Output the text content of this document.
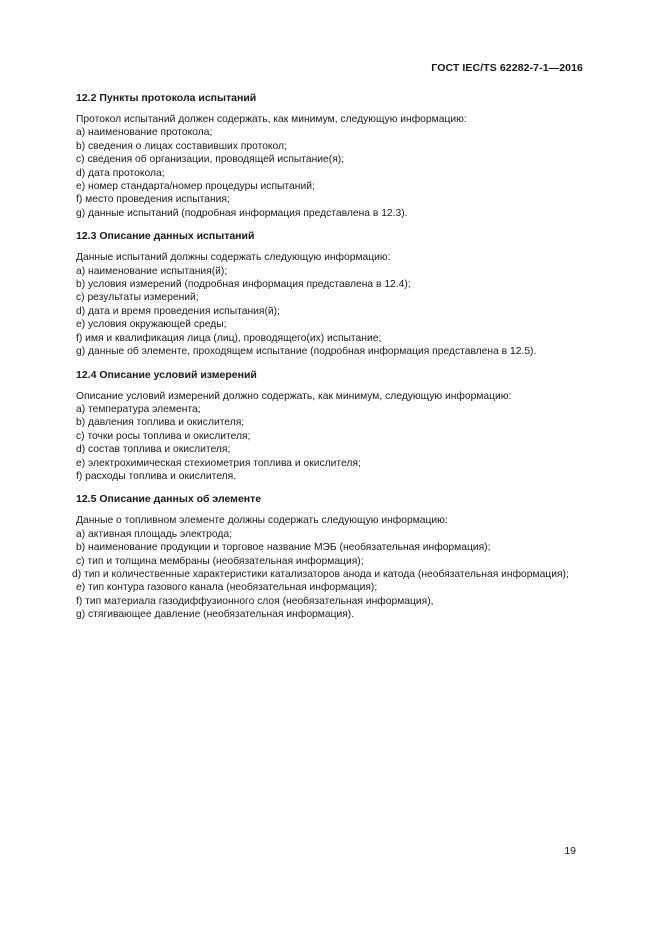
ГОСТ IEC/TS 62282-7-1—2016
12.2 Пункты протокола испытаний
Протокол испытаний должен содержать, как минимум, следующую информацию:
a) наименование протокола;
b) сведения о лицах составивших протокол;
c) сведения об организации, проводящей испытание(я);
d) дата протокола;
e) номер стандарта/номер процедуры испытаний;
f) место проведения испытания;
g) данные испытаний (подробная информация представлена в 12.3).
12.3 Описание данных испытаний
Данные испытаний должны содержать следующую информацию:
a) наименование испытания(й);
b) условия измерений (подробная информация представлена в 12.4);
c) результаты измерений;
d) дата и время проведения испытания(й);
e) условия окружающей среды;
f) имя и квалификация лица (лиц), проводящего(их) испытание;
g) данные об элементе, проходящем испытание (подробная информация представлена в 12.5).
12.4 Описание условий измерений
Описание условий измерений должно содержать, как минимум, следующую информацию:
a) температура элемента;
b) давления топлива и окислителя;
c) точки росы топлива и окислителя;
d) состав топлива и окислителя;
e) электрохимическая стехиометрия топлива и окислителя;
f) расходы топлива и окислителя.
12.5 Описание данных об элементе
Данные о топливном элементе должны содержать следующую информацию:
a) активная площадь электрода;
b) наименование продукции и торговое название МЭБ (необязательная информация);
c) тип и толщина мембраны (необязательная информация);
d) тип и количественные характеристики катализаторов анода и катода (необязательная информация);
e) тип контура газового канала (необязательная информация);
f) тип материала газодиффузионного слоя (необязательная информация),
g) стягивающее давление (необязательная информация).
19
